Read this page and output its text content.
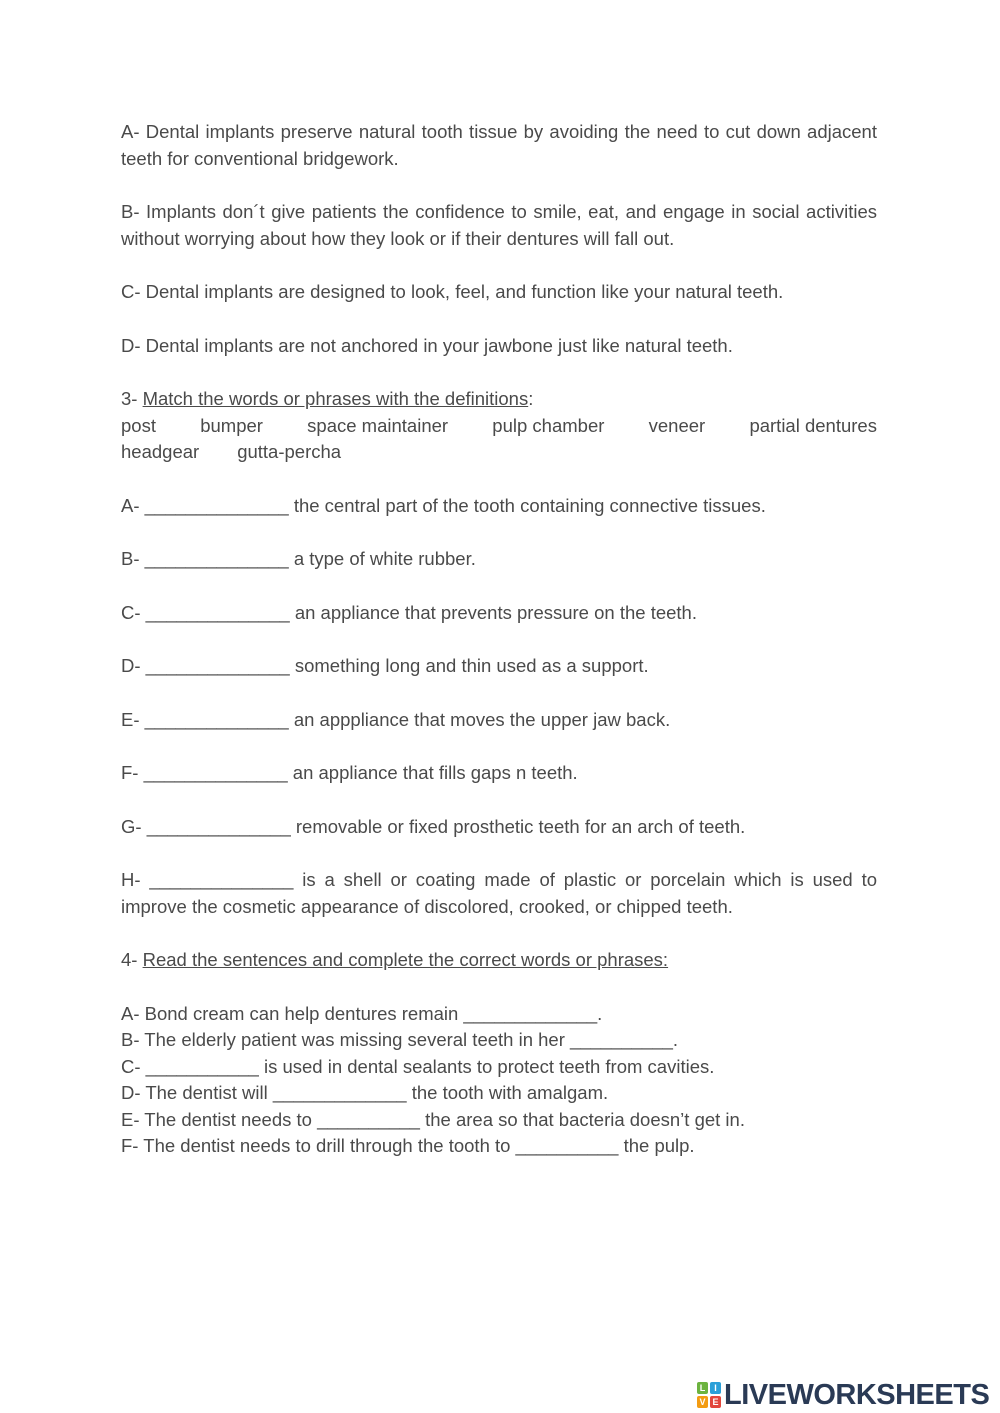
A- Dental implants preserve natural tooth tissue by avoiding the need to cut down adjacent teeth for conventional bridgework.

B- Implants don´t give patients the confidence to smile, eat, and engage in social activities without worrying about how they look or if their dentures will fall out.

C- Dental implants are designed to look, feel, and function like your natural teeth.

D- Dental implants are not anchored in your jawbone just like natural teeth.

3- Match the words or phrases with the definitions:
post bumper space maintainer pulp chamber veneer partial dentures
headgear gutta-percha
A- ______________ the central part of the tooth containing connective tissues.
B- ______________ a type of white rubber.
C- ______________ an appliance that prevents pressure on the teeth.
D- ______________ something long and thin used as a support.
E- ______________ an apppliance that moves the upper jaw back.
F- ______________ an appliance that fills gaps n teeth.
G- ______________ removable or fixed prosthetic teeth for an arch of teeth.
H- ______________ is a shell or coating made of plastic or porcelain which is used to improve the cosmetic appearance of discolored, crooked, or chipped teeth.
4- Read the sentences and complete the correct words or phrases:
A- Bond cream can help dentures remain _____________.
B- The elderly patient was missing several teeth in her __________.
C- ___________ is used in dental sealants to protect teeth from cavities.
D- The dentist will _____________ the tooth with amalgam.
E- The dentist needs to __________ the area so that bacteria doesn’t get in.
F- The dentist needs to drill through the tooth to __________ the pulp.
L I
V E LIVEWORKSHEETS
